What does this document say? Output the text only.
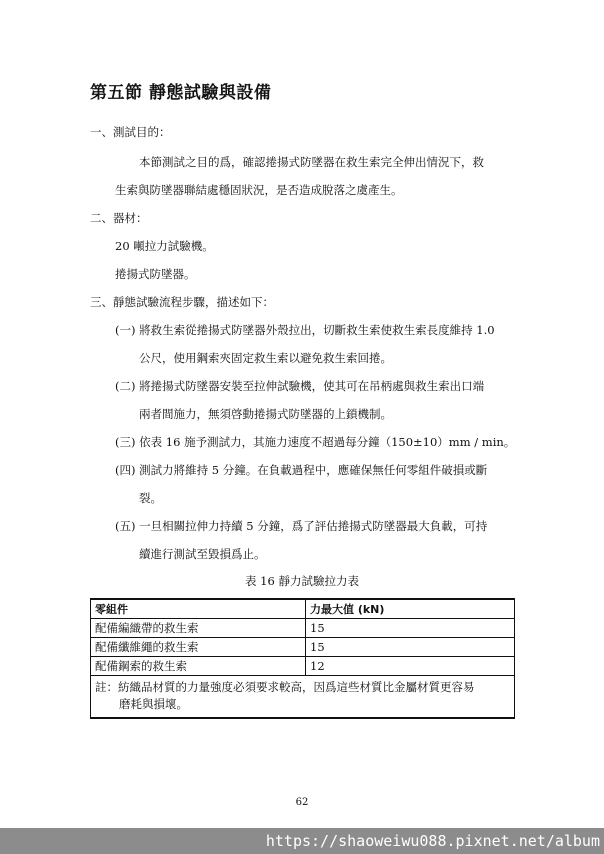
第五節 靜態試驗與設備
一、測試目的：
本節測試之目的爲，確認捲揚式防墜器在救生索完全伸出情況下，救
生索與防墜器聯結處穩固狀況，是否造成脫落之虞產生。
二、器材：
20 噸拉力試驗機。
捲揚式防墜器。
三、靜態試驗流程步驟，描述如下：
(一) 將救生索從捲揚式防墜器外殼拉出，切斷救生索使救生索長度維持 1.0
公尺，使用鋼索夾固定救生索以避免救生索回捲。
(二) 將捲揚式防墜器安裝至拉伸試驗機，使其可在吊柄處與救生索出口端
兩者間施力，無須啓動捲揚式防墜器的上鎖機制。
(三) 依表 16 施予測試力，其施力速度不超過每分鐘（150±10）mm / min。
(四) 測試力將維持 5 分鐘。在負載過程中，應確保無任何零組件破損或斷
裂。
(五) 一旦相關拉伸力持續 5 分鐘，爲了評估捲揚式防墜器最大負載，可持
續進行測試至毀損爲止。
表 16 靜力試驗拉力表
零組件	力最大值 (kN)
配備編織帶的救生索	15
配備纖維繩的救生索	15
配備鋼索的救生索	12
註：紡織品材質的力量強度必須要求較高，因爲這些材質比金屬材質更容易
磨耗與損壞。	
62
https://shaoweiwu088.pixnet.net/album
